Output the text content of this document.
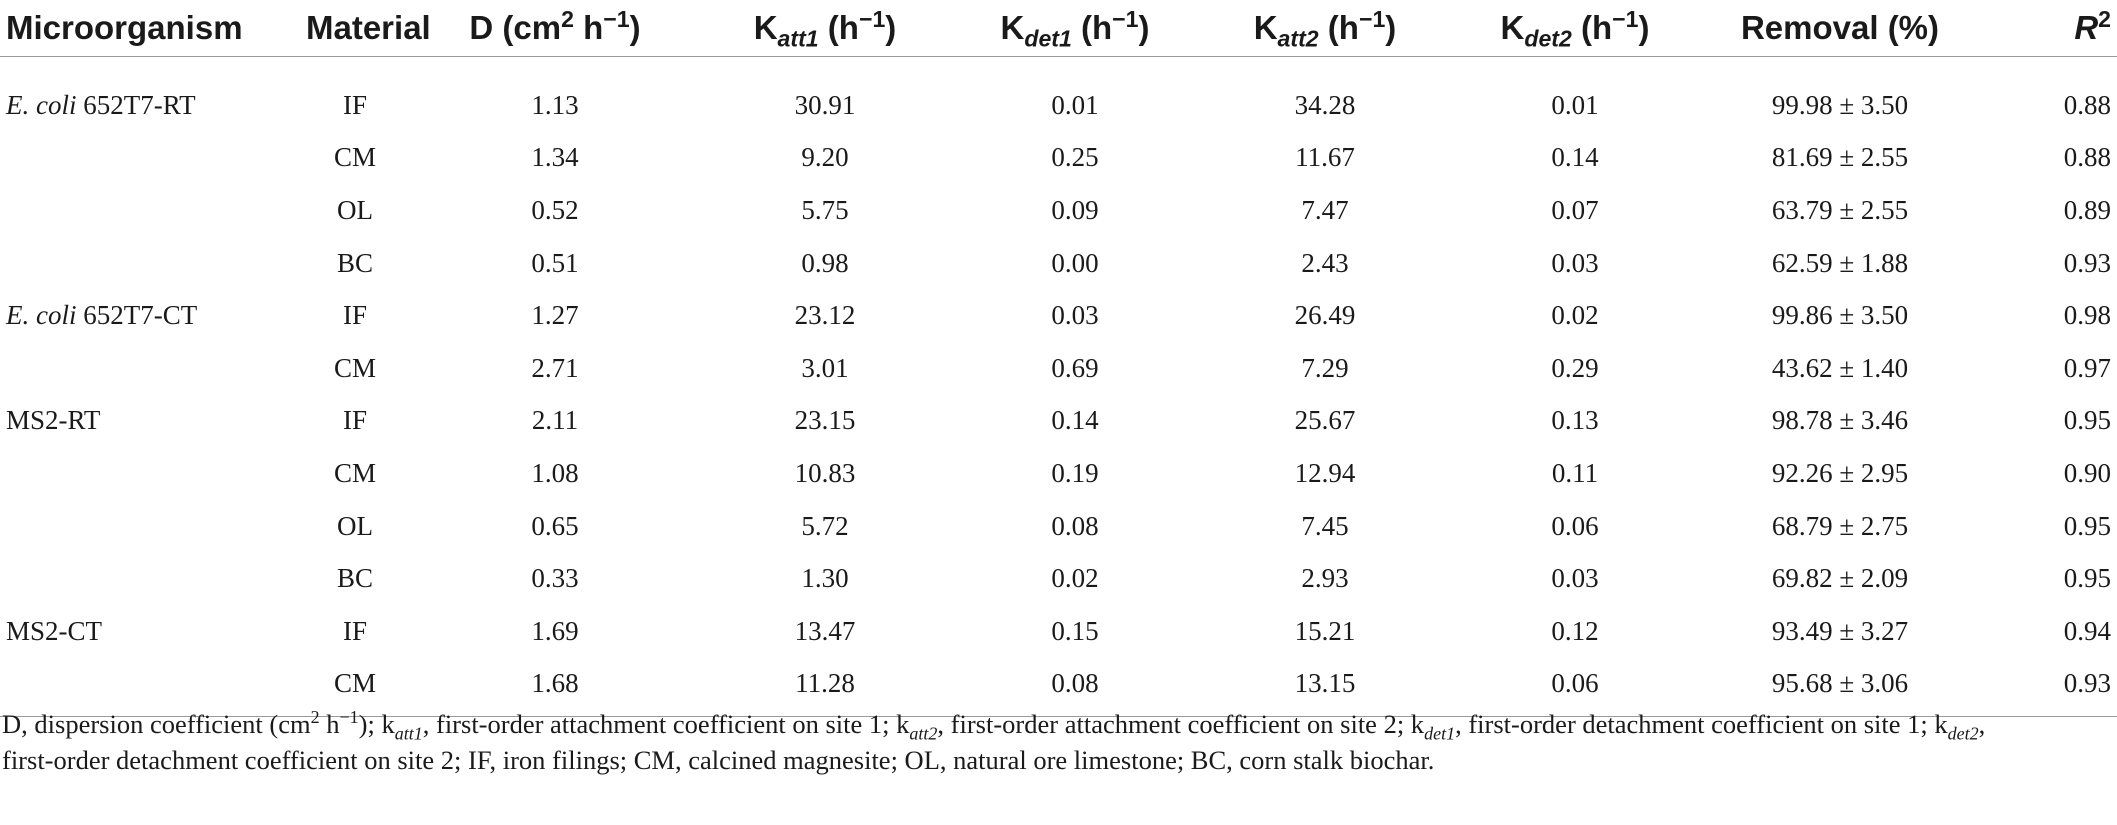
Microorganism	Material	D ($cm^2$ $h^{-1}$)	$K_{att1}$ $(h^{-1})$	$K_{det1}$ $(h^{-1})$	$K_{att2}$ $(h^{-1})$	$K_{det2}$ $(h^{-1})$	Removal (%)	$R^2$
E. coli 652T7-RT	IF	1.13	30.91	0.01	34.28	0.01	99.98 ± 3.50	0.88
	CM	1.34	9.20	0.25	11.67	0.14	81.69 ± 2.55	0.88
	OL	0.52	5.75	0.09	7.47	0.07	63.79 ± 2.55	0.89
	BC	0.51	0.98	0.00	2.43	0.03	62.59 ± 1.88	0.93
E. coli 652T7-CT	IF	1.27	23.12	0.03	26.49	0.02	99.86 ± 3.50	0.98
	CM	2.71	3.01	0.69	7.29	0.29	43.62 ± 1.40	0.97
MS2-RT	IF	2.11	23.15	0.14	25.67	0.13	98.78 ± 3.46	0.95
	CM	1.08	10.83	0.19	12.94	0.11	92.26 ± 2.95	0.90
	OL	0.65	5.72	0.08	7.45	0.06	68.79 ± 2.75	0.95
	BC	0.33	1.30	0.02	2.93	0.03	69.82 ± 2.09	0.95
MS2-CT	IF	1.69	13.47	0.15	15.21	0.12	93.49 ± 3.27	0.94
	CM	1.68	11.28	0.08	13.15	0.06	95.68 ± 3.06	0.93
D, dispersion coefficient ($cm^2$ $h^{-1}$); $k_{att1}$, first-order attachment coefficient on site 1; $k_{att2}$, first-order attachment coefficient on site 2; $k_{det1}$, first-order detachment coefficient on site 1; $k_{det2}$,
first-order detachment coefficient on site 2; IF, iron filings; CM, calcined magnesite; OL, natural ore limestone; BC, corn stalk biochar.
